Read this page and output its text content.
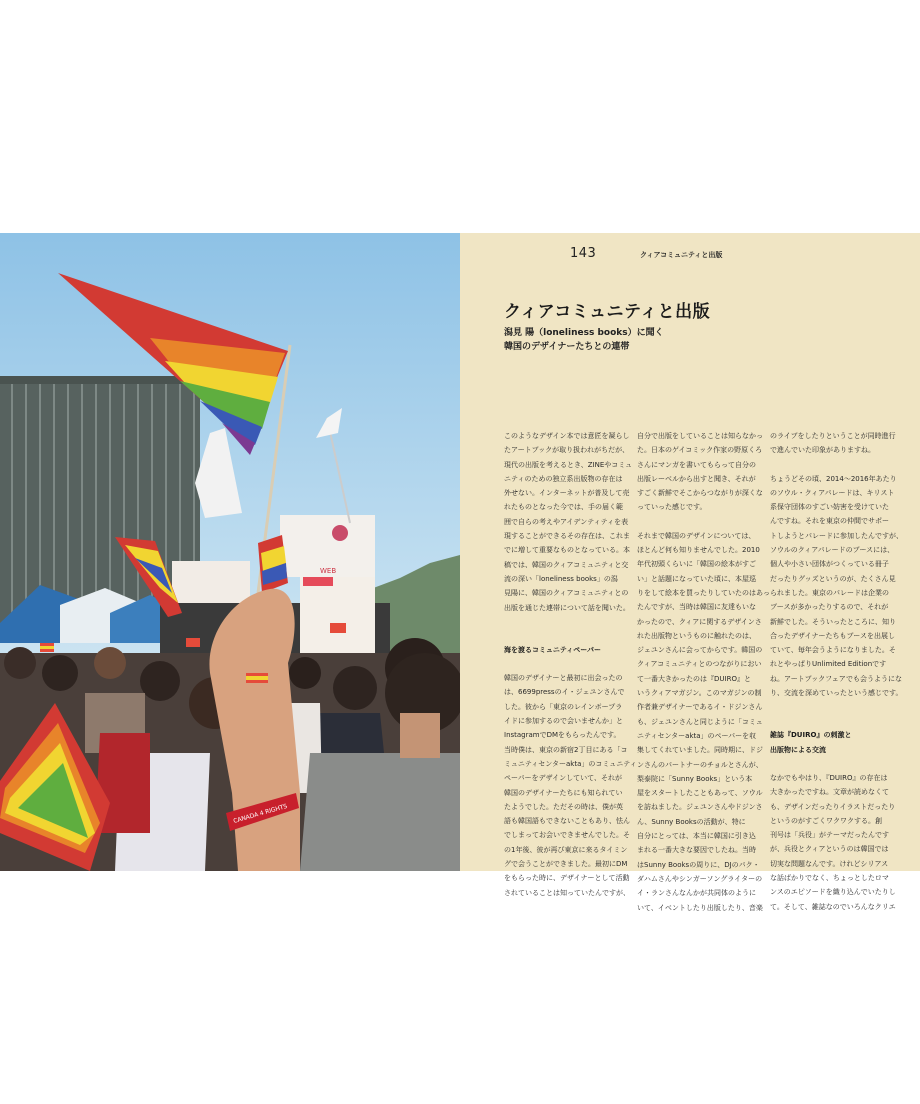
WEB
CANADA 4 RIGHTS
143	クィアコミュニティと出版
クィアコミュニティと出版
潟見 陽（loneliness books）に聞く
韓国のデザイナーたちとの連帯

このようなデザイン本では意匠を凝らし

たアートブックが取り扱われがちだが、

現代の出版を考えるとき、ZINEやコミュ

ニティのための独立系出版物の存在は

外せない。インターネットが普及して売

れたものとなった今では、手の届く範

囲で自らの考えやアイデンティティを表

現することができるその存在は、これま

でに増して重要なものとなっている。本

稿では、韓国のクィアコミュニティと交

流の深い「loneliness books」の潟

見陽に、韓国のクィアコミュニティとの

出版を通じた連帯について話を聞いた。

海を渡るコミュニティペーパー

韓国のデザイナーと最初に出会ったの

は、6699pressのイ・ジェユンさんで

した。彼から「東京のレインボープラ

イドに参加するので会いませんか」と

InstagramでDMをもらったんです。

当時僕は、東京の新宿2丁目にある「コ

ミュニティセンターakta」のコミュニティ

ペーパーをデザインしていて、それが

韓国のデザイナーたちにも知られてい

たようでした。ただその時は、僕が英

語も韓国語もできないこともあり、怯ん

でしまってお会いできませんでした。そ

の1年後、彼が再び東京に来るタイミン

グで会うことができました。最初にDM

をもらった時に、デザイナーとして活動

されていることは知っていたんですが、

自分で出版をしていることは知らなかっ

た。日本のゲイコミック作家の野原くろ

さんにマンガを書いてもらって自分の

出版レーベルから出すと聞き、それが

すごく新鮮でそこからつながりが深くな

っていった感じです。

それまで韓国のデザインについては、

ほとんど何も知りませんでした。2010

年代初頭くらいに「韓国の絵本がすご

い」と話題になっていた頃に、本屋巡

りをして絵本を買ったりしていたのはあっ

たんですが、当時は韓国に友達もいな

かったので、クィアに関するデザインさ

れた出版物というものに触れたのは、

ジェユンさんに会ってからです。韓国の

クィアコミュニティとのつながりにおい

て一番大きかったのは『DUIRO』と

いうクィアマガジン。このマガジンの制

作者兼デザイナーであるイ・ドジンさん

も、ジェユンさんと同じように「コミュ

ニティセンターakta」のペーパーを収

集してくれていました。同時期に、ドジ

ンさんのパートナーのチョルとさんが、

梨泰院に「Sunny Books」という本

屋をスタートしたこともあって、ソウル

を訪ねました。ジェユンさんやドジンさ

ん、Sunny Booksの活動が、特に

自分にとっては、本当に韓国に引き込

まれる一番大きな要因でしたね。当時

はSunny Booksの周りに、DJのパク・

ダハムさんやシンガーソングライターの

イ・ランさんなんかが共同体のように

いて、イベントしたり出版したり、音楽

のライブをしたりということが同時進行

で進んでいた印象がありますね。

ちょうどその頃、2014〜2016年あたり

のソウル・クィアパレードは、キリスト

系保守団体のすごい妨害を受けていた

んですね。それを東京の仲間でサポー

トしようとパレードに参加したんですが、

ソウルのクィアパレードのブースには、

個人や小さい団体がつくっている冊子

だったりグッズというのが、たくさん見

られました。東京のパレードは企業の

ブースが多かったりするので、それが

新鮮でした。そういったところに、知り

合ったデザイナーたちもブースを出展し

ていて、毎年会うようになりました。そ

れとやっぱりUnlimited Editionです

ね。アートブックフェアでも会うようにな

り、交流を深めていったという感じです。

雑誌『DUIRO』の刺激と

出版物による交流

なかでもやはり、『DUIRO』の存在は

大きかったですね。文章が読めなくて

も、デザインだったりイラストだったり

というのがすごくワクワクする。創

刊号は「兵役」がテーマだったんです

が、兵役とクィアというのは韓国では

切実な問題なんです。けれどシリアス

な話ばかりでなく、ちょっとしたロマ

ンスのエピソードを織り込んでいたりし

て。そして、雑誌なのでいろんなクリエ
